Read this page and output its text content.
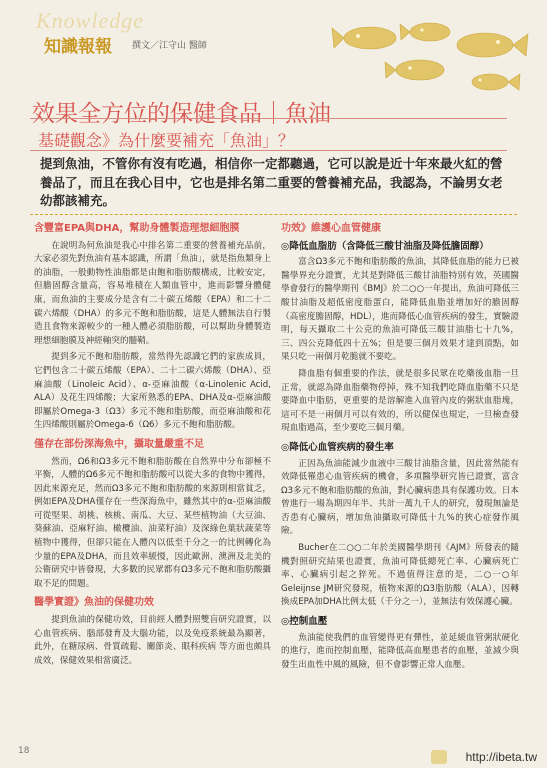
Knowledge
知識報報 撰文／江守山 醫師
效果全方位的保健食品｜魚油
基礎觀念》為什麼要補充「魚油」？
提到魚油，不管你有沒有吃過，相信你一定都聽過，它可以說是近十年來最火紅的營養品了，而且在我心目中，它也是排名第二重要的營養補充品，我認為，不論男女老幼都該補充。
含豐富EPA與DHA，幫助身體製造理想細胞膜

在說明為何魚油是我心中排名第二重要的營養補充品前，大家必須先對魚油有基本認識，所謂「魚油」，就是指魚類身上的油脂，一般動物性油脂都是由飽和脂肪酸構成，比較安定，但膽固醇含量高，容易堆積在人類血管中，進而影響身體健康，而魚油的主要成分是含有二十碳五烯酸（EPA）和二十二碳六烯酸（DHA）的多元不飽和脂肪酸，這是人體無法自行製造且食物來源較少的一種人體必須脂肪酸，可以幫助身體製造理想細胞膜及神經軸突的髓鞘。

提到多元不飽和脂肪酸，當然得先認識它們的家族成員，它們包含二十碳五烯酸（EPA）、二十二碳六烯酸（DHA）、亞麻油酸（Linoleic Acid）、α-亞麻油酸（α-Linolenic Acid, ALA）及花生四烯酸；大家所熟悉的EPA、DHA及α-亞麻油酸即屬於Omega-3（Ω3）多元不飽和脂肪酸，而亞麻油酸和花生四烯酸則屬於Omega-6（Ω6）多元不飽和脂肪酸。

僅存在部份深海魚中，攝取量嚴重不足

然而，Ω6和Ω3多元不飽和脂肪酸在自然界中分布卻極不平衡，人體的Ω6多元不飽和脂肪酸可以從大多的食物中獲得，因此來源充足，然而Ω3多元不飽和脂肪酸的來源則相當貧乏，例如EPA及DHA僅存在一些深海魚中，雖然其中的α-亞麻油酸可從堅果、胡桃、核桃、南瓜、大豆、某些植物油（大豆油、葵蘇油、亞麻籽油、橄欖油、油菜籽油）及深綠色葉狀蔬菜等植物中獲得，但卻只能在人體內以低至千分之一的比例轉化為少量的EPA及DHA，而且效率緩慢，因此歐洲、澳洲及北美的公衛研究中皆發現，大多數的民眾都有Ω3多元不飽和脂肪酸攝取不足的問題。

醫學實證》魚油的保健功效

提到魚油的保健功效，目前經人體對照雙盲研究證實，以心血管疾病、腦部發育及大腦功能，以及免疫系統最為顯著，此外，在糖尿病、骨質疏鬆、關節炎、眼科疾病 等方面也頗具成效，保健效果相當廣泛。

功效》維護心血管健康
◎降低血脂肪（含降低三酸甘油脂及降低膽固醇）

富含Ω3多元不飽和脂肪酸的魚油，其降低血脂的能力已被醫學界充分證實，尤其是對降低三酸甘油脂特別有效，英國醫學會發行的醫學期刊《BMJ》於二○○一年提出，魚油可降低三酸甘油脂及超低密度脂蛋白，能降低血脂並增加好的膽固醇（高密度膽固醇，HDL），進而降低心血管疾病的發生，實驗證明，每天攝取二十公克的魚油可降低三酸甘油脂七十九%，三、四公克降低四十五%；但是要三個月效果才達到頂點，如果只吃一兩個月乾脆就不要吃。

降血脂有個重要的作法，就是很多民眾在吃藥後血脂一旦正常，就認為降血脂藥物停掉，殊不知我們吃降血脂藥不只是要降血中脂肪，更重要的是溶解進入血管內皮的粥狀血脂塊，這可不是一兩個月可以有效的，所以健保也規定，一旦檢查發現血脂過高，至少要吃三個月藥。

◎降低心血管疾病的發生率

正因為魚油能減少血液中三酸甘油脂含量，因此當然能有效降低罹患心血管疾病的機會，多項醫學研究皆已證實，富含Ω3多元不飽和脂肪酸的魚油，對心臟病患具有保護功效。日本曾進行一場為期四年半、共計一萬九千人的研究，發現無論是否患有心臟病，增加魚油攝取可降低十九%的狹心症發作風險。

Bucher在二○○二年於美國醫學期刊《AJM》所發表的隨機對照研究結果也證實，魚油可降低總死亡率、心臟病死亡率、心臟病引起之猝死。不過值得注意的是，二○一○年Geleijnse JM研究發現，植物來源的Ω3脂肪酸（ALA），因轉換成EPA加DHA比例太低（千分之一），並無法有效保護心臟。

◎控制血壓

魚油能使我們的血管變得更有彈性，並延緩血管粥狀硬化的進行，進而控制血壓，能降低高血壓患者的血壓，並減少與發生出血性中風的風險，但不會影響正常人血壓。

18	http://ibeta.tw
